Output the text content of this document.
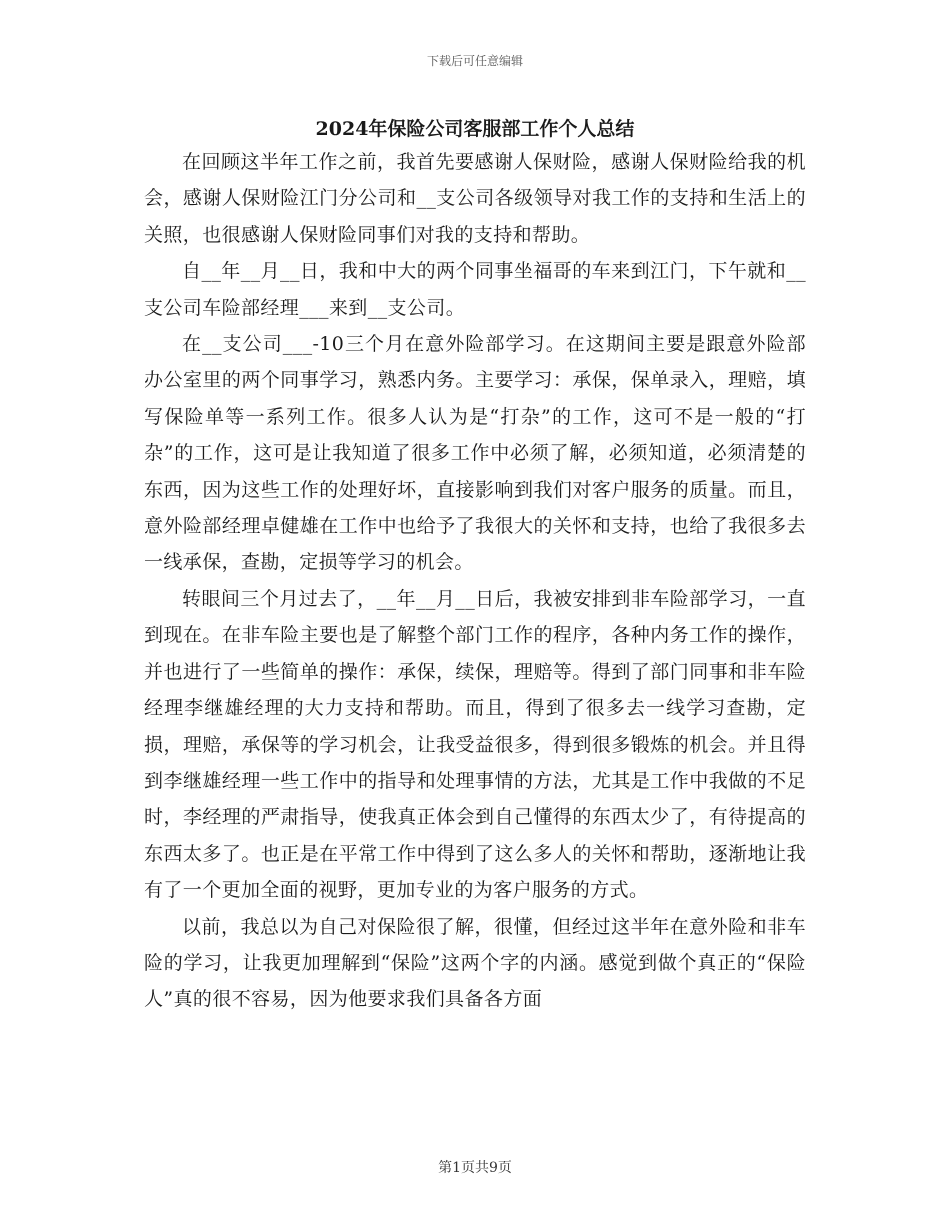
下载后可任意编辑
2024年保险公司客服部工作个人总结

在回顾这半年工作之前，我首先要感谢人保财险，感谢人保财险给我的机会，感谢人保财险江门分公司和__支公司各级领导对我工作的支持和生活上的关照，也很感谢人保财险同事们对我的支持和帮助。

自__年__月__日，我和中大的两个同事坐福哥的车来到江门，下午就和__支公司车险部经理___来到__支公司。

在__支公司___-10三个月在意外险部学习。在这期间主要是跟意外险部办公室里的两个同事学习，熟悉内务。主要学习：承保，保单录入，理赔，填写保险单等一系列工作。很多人认为是“打杂”的工作，这可不是一般的“打杂”的工作，这可是让我知道了很多工作中必须了解，必须知道，必须清楚的东西，因为这些工作的处理好坏，直接影响到我们对客户服务的质量。而且，意外险部经理卓健雄在工作中也给予了我很大的关怀和支持，也给了我很多去一线承保，查勘，定损等学习的机会。

转眼间三个月过去了，__年__月__日后，我被安排到非车险部学习，一直到现在。在非车险主要也是了解整个部门工作的程序，各种内务工作的操作，并也进行了一些简单的操作：承保，续保，理赔等。得到了部门同事和非车险经理李继雄经理的大力支持和帮助。而且，得到了很多去一线学习查勘，定损，理赔，承保等的学习机会，让我受益很多，得到很多锻炼的机会。并且得到李继雄经理一些工作中的指导和处理事情的方法，尤其是工作中我做的不足时，李经理的严肃指导，使我真正体会到自己懂得的东西太少了，有待提高的东西太多了。也正是在平常工作中得到了这么多人的关怀和帮助，逐渐地让我有了一个更加全面的视野，更加专业的为客户服务的方式。

以前，我总以为自己对保险很了解，很懂，但经过这半年在意外险和非车险的学习，让我更加理解到“保险”这两个字的内涵。感觉到做个真正的“保险人”真的很不容易，因为他要求我们具备各方面

第1页共9页
